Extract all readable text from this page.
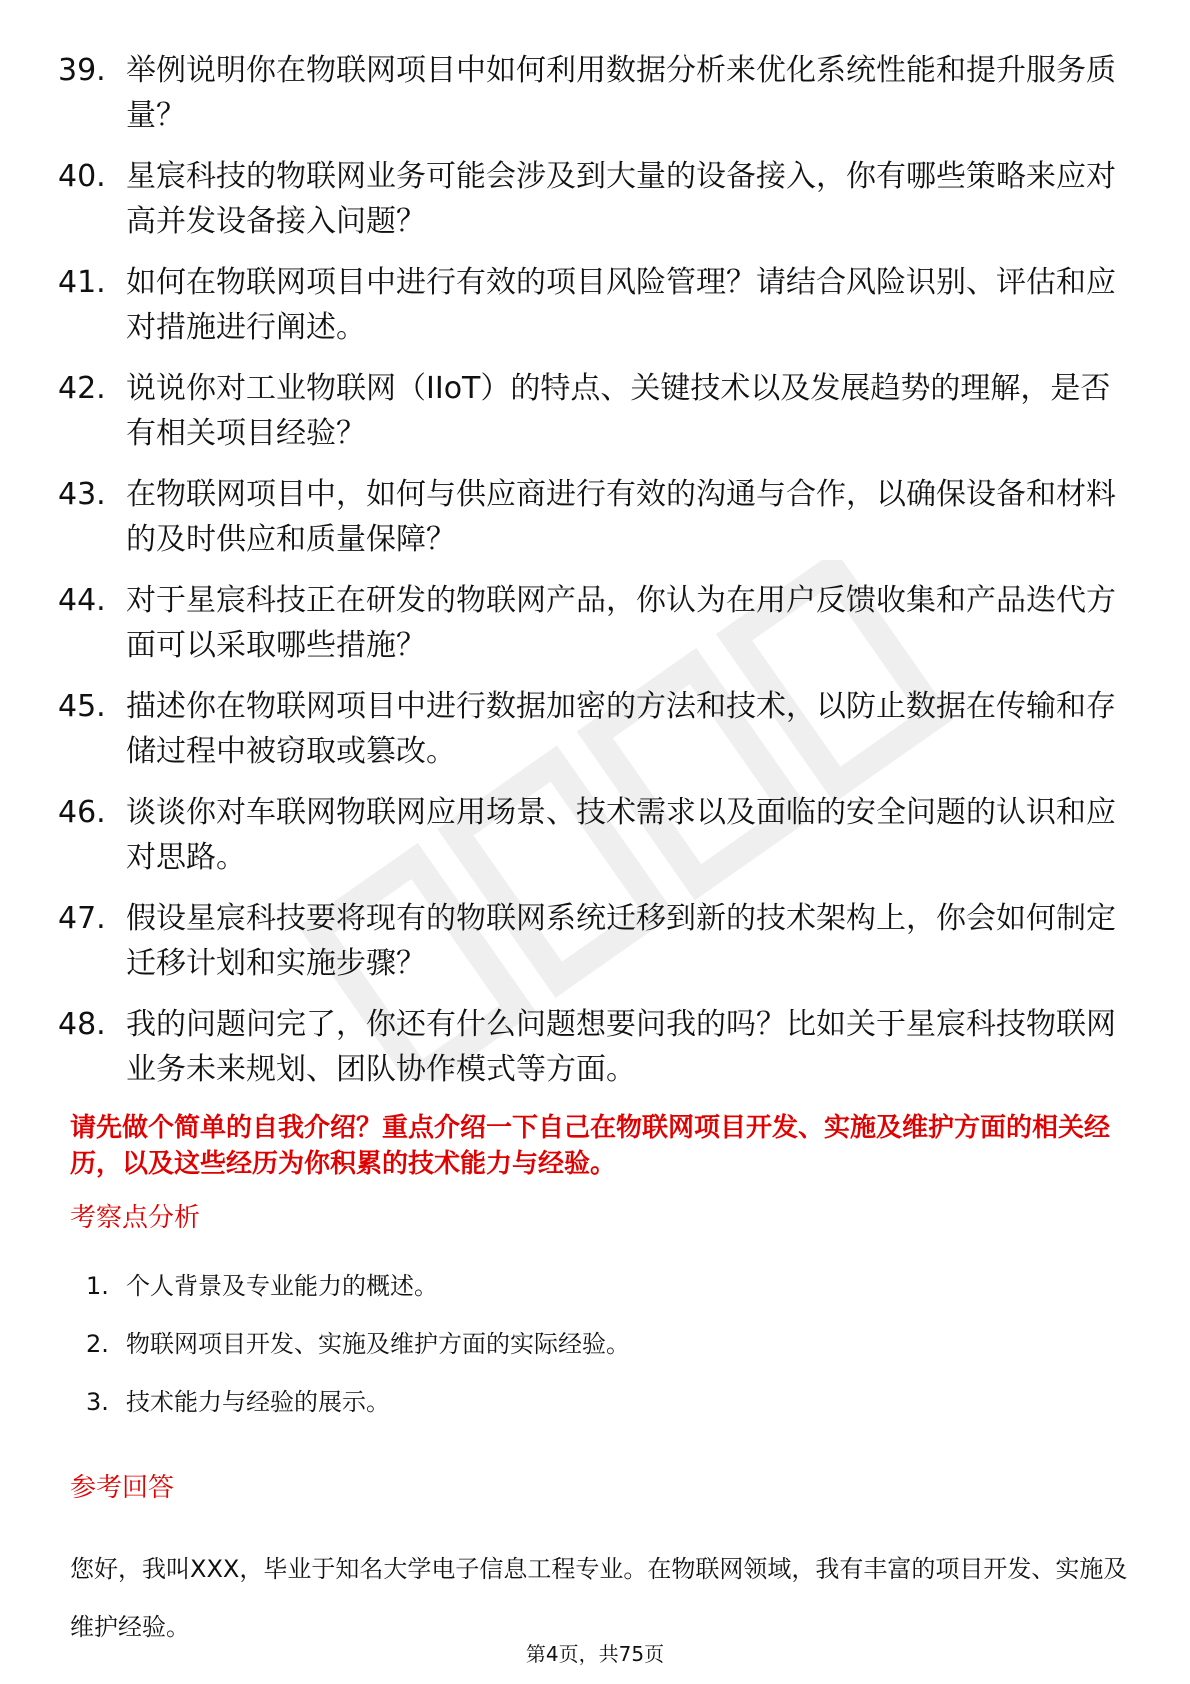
39. 举例说明你在物联网项目中如何利用数据分析来优化系统性能和提升服务质量？
40. 星宸科技的物联网业务可能会涉及到大量的设备接入，你有哪些策略来应对高并发设备接入问题？
41. 如何在物联网项目中进行有效的项目风险管理？请结合风险识别、评估和应对措施进行阐述。
42. 说说你对工业物联网（IIoT）的特点、关键技术以及发展趋势的理解，是否有相关项目经验？
43. 在物联网项目中，如何与供应商进行有效的沟通与合作，以确保设备和材料的及时供应和质量保障？
44. 对于星宸科技正在研发的物联网产品，你认为在用户反馈收集和产品迭代方面可以采取哪些措施？
45. 描述你在物联网项目中进行数据加密的方法和技术，以防止数据在传输和存储过程中被窃取或篡改。
46. 谈谈你对车联网物联网应用场景、技术需求以及面临的安全问题的认识和应对思路。
47. 假设星宸科技要将现有的物联网系统迁移到新的技术架构上，你会如何制定迁移计划和实施步骤？
48. 我的问题问完了，你还有什么问题想要问我的吗？比如关于星宸科技物联网业务未来规划、团队协作模式等方面。
请先做个简单的自我介绍？重点介绍一下自己在物联网项目开发、实施及维护方面的相关经历，以及这些经历为你积累的技术能力与经验。
考察点分析
1. 个人背景及专业能力的概述。
2. 物联网项目开发、实施及维护方面的实际经验。
3. 技术能力与经验的展示。
参考回答
您好，我叫XXX，毕业于知名大学电子信息工程专业。在物联网领域，我有丰富的项目开发、实施及维护经验。
第4页，共75页
